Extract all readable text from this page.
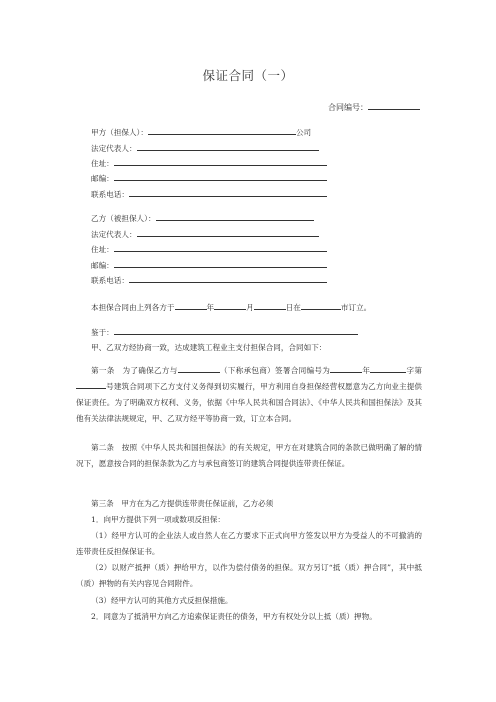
保证合同（一）
合同编号：
甲方（担保人）：	公司
法定代表人：
住址：
邮编：
联系电话：
乙方（被担保人）：
法定代表人：
住址：
邮编：
联系电话：
本担保合同由上列各方于	年	月	日在	市订立。
鉴于：
甲、乙双方经协商一致，达成建筑工程业主支付担保合同，合同如下：
第一条　为了确保乙方与	（下称承包商）签署合同编号为	年	字第号建筑合同项下乙方支付义务得到切实履行，甲方利用自身担保经营权愿意为乙方向业主提供保证责任。为了明确双方权利、义务，依据《中华人民共和国合同法》、《中华人民共和国担保法》及其他有关法律法规规定，甲、乙双方经平等协商一致，订立本合同。
第二条　按照《中华人民共和国担保法》的有关规定，甲方在对建筑合同的条款已做明确了解的情况下，愿意按合同的担保条款为乙方与承包商签订的建筑合同提供连带责任保证。
第三条　甲方在为乙方提供连带责任保证前，乙方必须
1．向甲方提供下列一项或数项反担保：
（1）经甲方认可的企业法人或自然人在乙方要求下正式向甲方签发以甲方为受益人的不可撤消的连带责任反担保保证书。
（2）以财产抵押（质）押给甲方，以作为偿付债务的担保。双方另订“抵（质）押合同”，其中抵（质）押物的有关内容见合同附件。
（3）经甲方认可的其他方式反担保措施。
2．同意为了抵消甲方向乙方追索保证责任的债务，甲方有权处分以上抵（质）押物。
